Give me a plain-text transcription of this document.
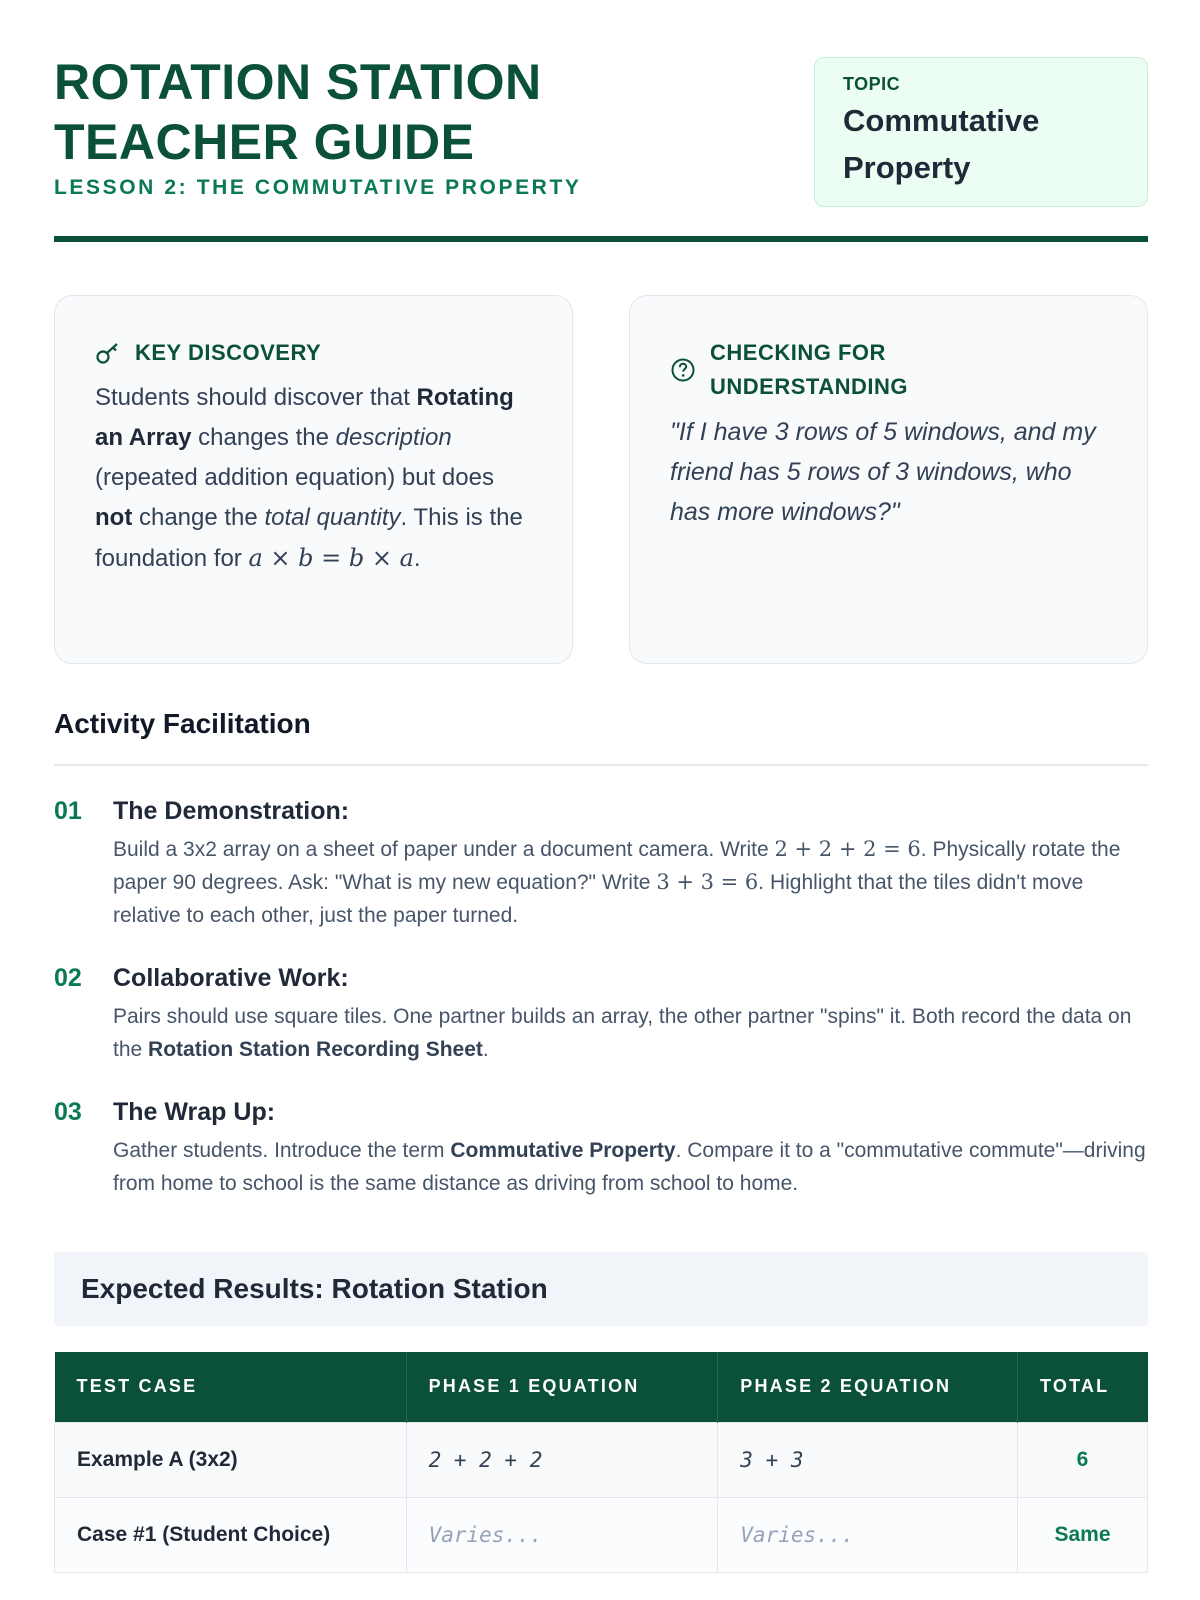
ROTATION STATION
TEACHER GUIDE
LESSON 2: THE COMMUTATIVE PROPERTY
TOPIC
Commutative
Property
KEY DISCOVERY
Students should discover that Rotating an Array changes the description (repeated addition equation) but does not change the total quantity. This is the foundation for a × b = b × a.
CHECKING FOR
UNDERSTANDING
"If I have 3 rows of 5 windows, and my friend has 5 rows of 3 windows, who has more windows?"
Activity Facilitation
01 The Demonstration:
Build a 3x2 array on a sheet of paper under a document camera. Write 2 + 2 + 2 = 6. Physically rotate the paper 90 degrees. Ask: "What is my new equation?" Write 3 + 3 = 6. Highlight that the tiles didn't move relative to each other, just the paper turned.
02 Collaborative Work:
Pairs should use square tiles. One partner builds an array, the other partner "spins" it. Both record the data on the Rotation Station Recording Sheet.
03 The Wrap Up:
Gather students. Introduce the term Commutative Property. Compare it to a "commutative commute"—driving from home to school is the same distance as driving from school to home.
Expected Results: Rotation Station
TEST CASE	PHASE 1 EQUATION	PHASE 2 EQUATION	TOTAL
Example A (3x2)	2 + 2 + 2	3 + 3	6
Case #1 (Student Choice)	Varies...	Varies...	Same
